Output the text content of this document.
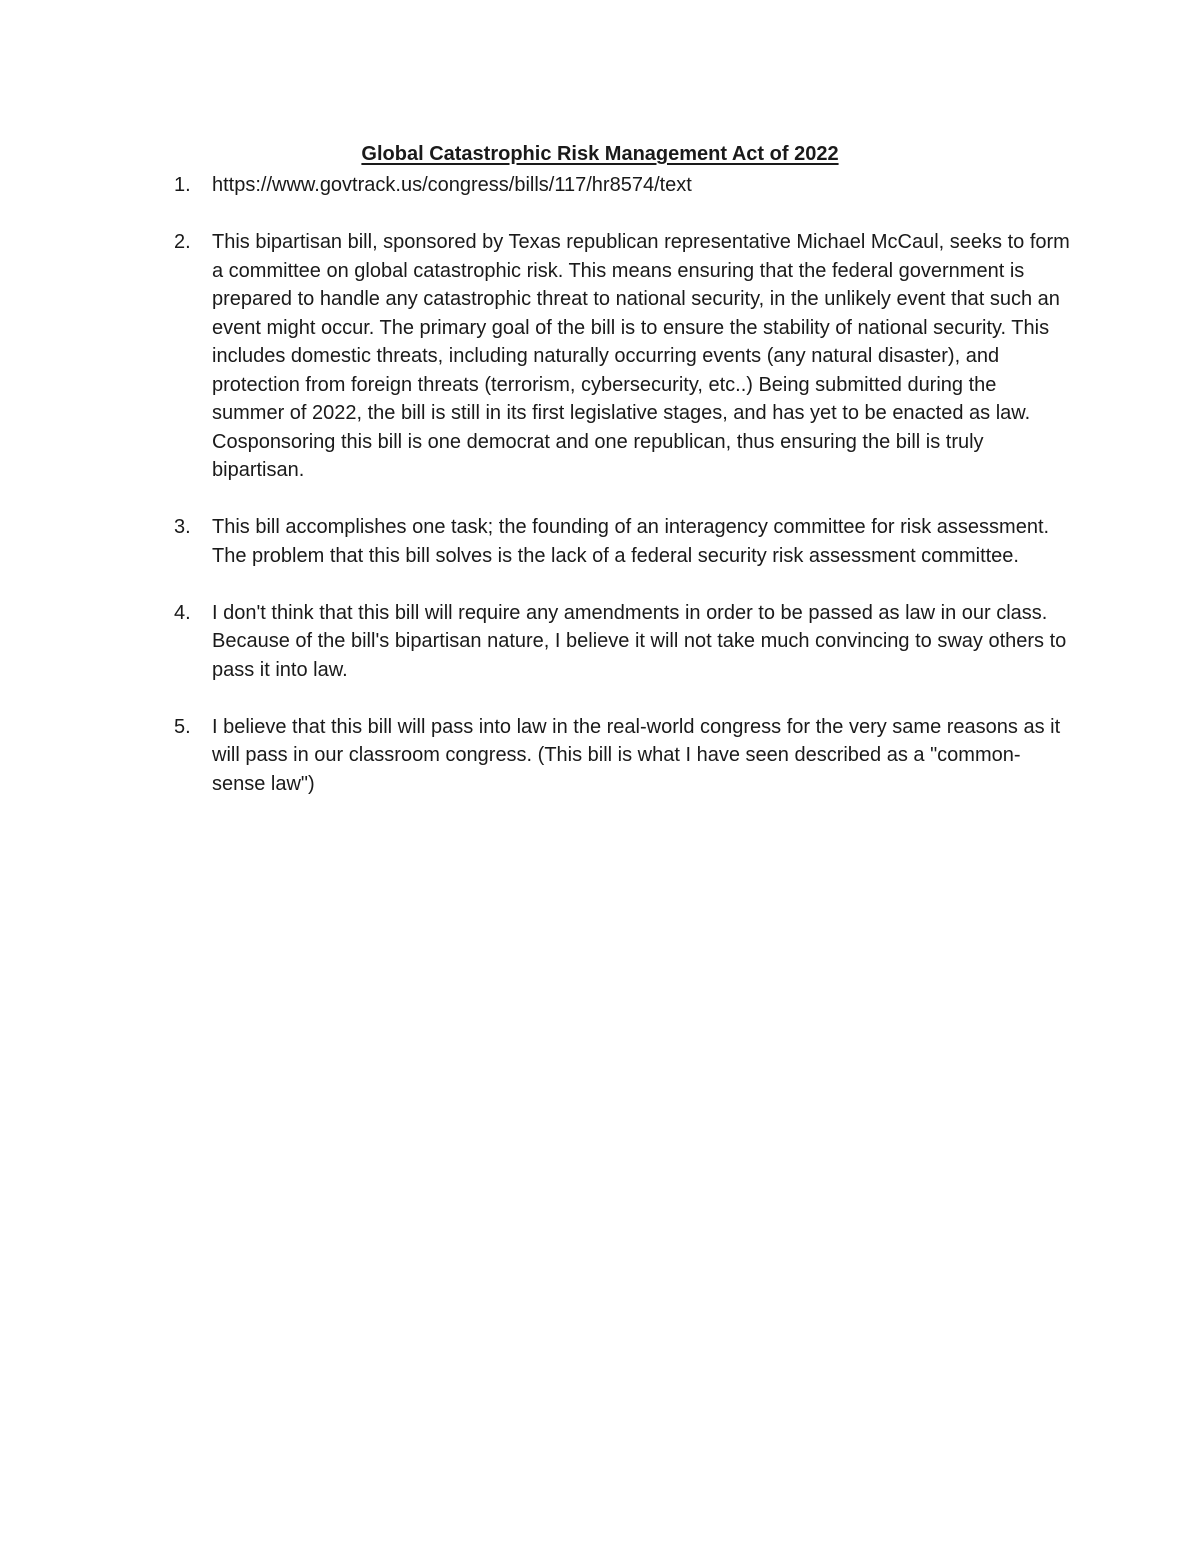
Global Catastrophic Risk Management Act of 2022
1. https://www.govtrack.us/congress/bills/117/hr8574/text
2. This bipartisan bill, sponsored by Texas republican representative Michael McCaul, seeks to form a committee on global catastrophic risk. This means ensuring that the federal government is prepared to handle any catastrophic threat to national security, in the unlikely event that such an event might occur. The primary goal of the bill is to ensure the stability of national security. This includes domestic threats, including naturally occurring events (any natural disaster), and protection from foreign threats (terrorism, cybersecurity, etc..) Being submitted during the summer of 2022, the bill is still in its first legislative stages, and has yet to be enacted as law. Cosponsoring this bill is one democrat and one republican, thus ensuring the bill is truly bipartisan.
3. This bill accomplishes one task; the founding of an interagency committee for risk assessment. The problem that this bill solves is the lack of a federal security risk assessment committee.
4. I don't think that this bill will require any amendments in order to be passed as law in our class. Because of the bill's bipartisan nature, I believe it will not take much convincing to sway others to pass it into law.
5. I believe that this bill will pass into law in the real-world congress for the very same reasons as it will pass in our classroom congress. (This bill is what I have seen described as a "common-sense law")
